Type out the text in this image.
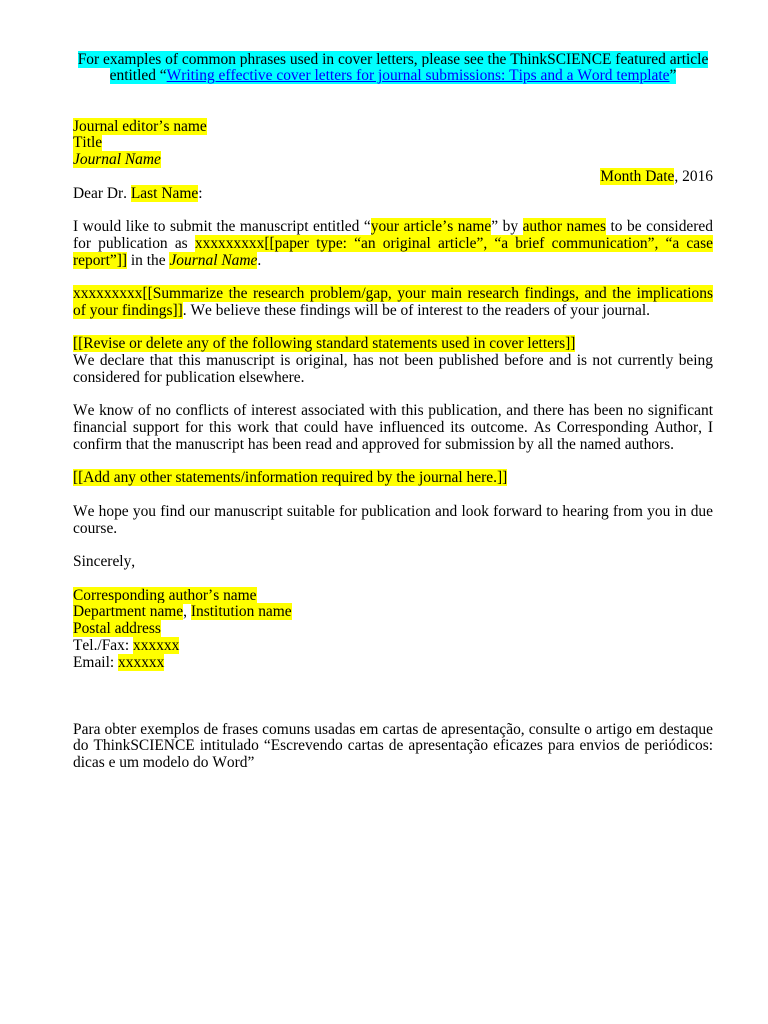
For examples of common phrases used in cover letters, please see the ThinkSCIENCE featured article
entitled “Writing effective cover letters for journal submissions: Tips and a Word template”
Journal editor’s name
Title
Journal Name
Month Date, 2016
Dear Dr. Last Name:
I would like to submit the manuscript entitled “your article’s name” by author names to be considered
for publication as xxxxxxxxx[[paper type: “an original article”, “a brief communication”, “a case
report”]] in the Journal Name.
xxxxxxxxx[[Summarize the research problem/gap, your main research findings, and the implications
of your findings]]. We believe these findings will be of interest to the readers of your journal.
[[Revise or delete any of the following standard statements used in cover letters]]
We declare that this manuscript is original, has not been published before and is not currently being
considered for publication elsewhere.
We know of no conflicts of interest associated with this publication, and there has been no significant
financial support for this work that could have influenced its outcome. As Corresponding Author, I
confirm that the manuscript has been read and approved for submission by all the named authors.
[[Add any other statements/information required by the journal here.]]
We hope you find our manuscript suitable for publication and look forward to hearing from you in due
course.
Sincerely,
Corresponding author’s name
Department name, Institution name
Postal address
Tel./Fax: xxxxxx
Email: xxxxxx
Para obter exemplos de frases comuns usadas em cartas de apresentação, consulte o artigo em destaque
do ThinkSCIENCE intitulado “Escrevendo cartas de apresentação eficazes para envios de periódicos:
dicas e um modelo do Word”
